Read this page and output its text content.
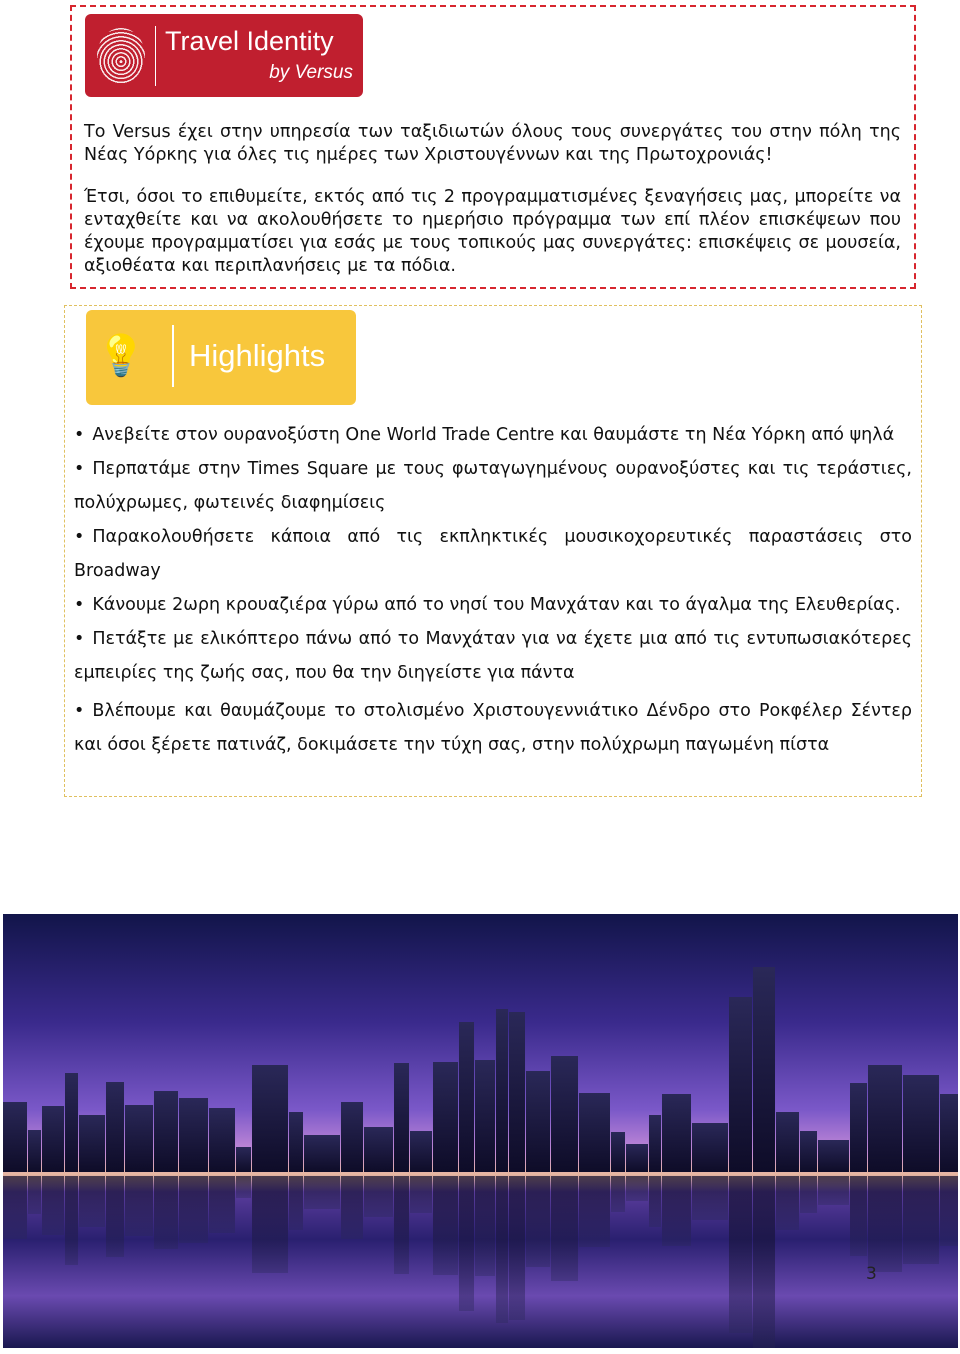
Travel Identity
by Versus
Το Versus έχει στην υπηρεσία των ταξιδιωτών όλους τους συνεργάτες του στην πόλη της Νέας Υόρκης για όλες τις ημέρες των Χριστουγέννων και της Πρωτοχρονιάς!
Έτσι, όσοι το επιθυμείτε, εκτός από τις 2 προγραμματισμένες ξεναγήσεις μας, μπορείτε να ενταχθείτε και να ακολουθήσετε το ημερήσιο πρόγραμμα των επί πλέον επισκέψεων που έχουμε προγραμματίσει για εσάς με τους τοπικούς μας συνεργάτες: επισκέψεις σε μουσεία, αξιοθέατα και περιπλανήσεις με τα πόδια.
💡 Highlights

• Ανεβείτε στον ουρανοξύστη One World Trade Centre και θαυμάστε τη Νέα Υόρκη από ψηλά

• Περπατάμε στην Times Square με τους φωταγωγημένους ουρανοξύστες και τις τεράστιες, πολύχρωμες, φωτεινές διαφημίσεις

• Παρακολουθήσετε κάποια από τις εκπληκτικές μουσικοχορευτικές παραστάσεις στο Broadway

• Κάνουμε 2ωρη κρουαζιέρα γύρω από το νησί του Μανχάταν και το άγαλμα της Ελευθερίας.

• Πετάξτε με ελικόπτερο πάνω από το Μανχάταν για να έχετε μια από τις εντυπωσιακότερες εμπειρίες της ζωής σας, που θα την διηγείστε για πάντα

• Βλέπουμε και θαυμάζουμε το στολισμένο Χριστουγεννιάτικο Δένδρο στο Ροκφέλερ Σέντερ και όσοι ξέρετε πατινάζ, δοκιμάσετε την τύχη σας, στην πολύχρωμη παγωμένη πίστα

3
